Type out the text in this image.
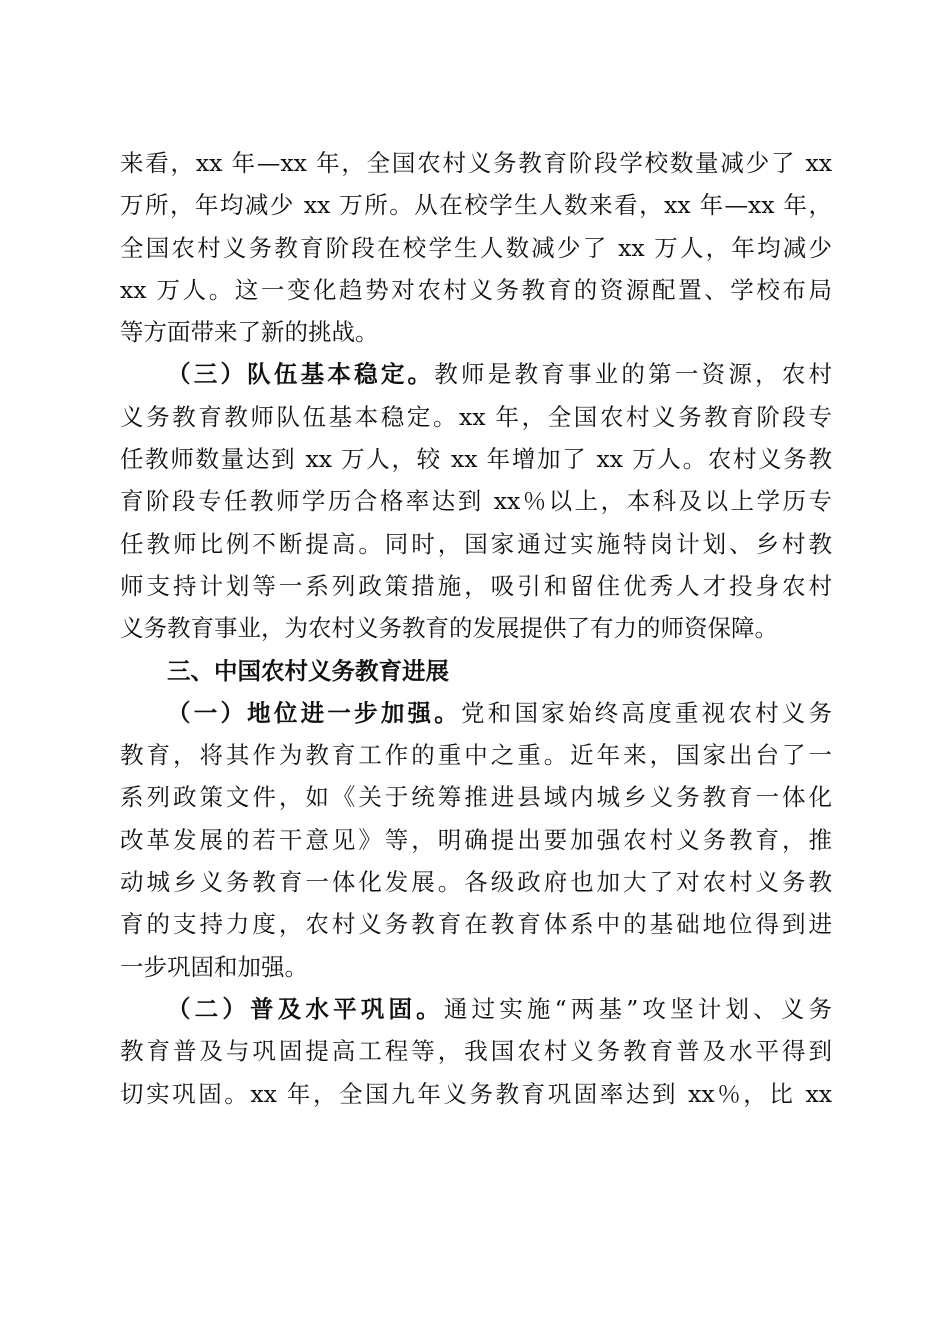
来看，xx 年—xx 年，全国农村义务教育阶段学校数量减少了 xx
万所，年均减少 xx 万所。从在校学生人数来看，xx 年—xx 年，
全国农村义务教育阶段在校学生人数减少了 xx 万人，年均减少
xx 万人。这一变化趋势对农村义务教育的资源配置、学校布局
等方面带来了新的挑战。
（三）队伍基本稳定。教师是教育事业的第一资源，农村
义务教育教师队伍基本稳定。xx 年，全国农村义务教育阶段专
任教师数量达到 xx 万人，较 xx 年增加了 xx 万人。农村义务教
育阶段专任教师学历合格率达到 xx％以上，本科及以上学历专
任教师比例不断提高。同时，国家通过实施特岗计划、乡村教
师支持计划等一系列政策措施，吸引和留住优秀人才投身农村
义务教育事业，为农村义务教育的发展提供了有力的师资保障。
三、中国农村义务教育进展
（一）地位进一步加强。党和国家始终高度重视农村义务
教育，将其作为教育工作的重中之重。近年来，国家出台了一
系列政策文件，如《关于统筹推进县域内城乡义务教育一体化
改革发展的若干意见》等，明确提出要加强农村义务教育，推
动城乡义务教育一体化发展。各级政府也加大了对农村义务教
育的支持力度，农村义务教育在教育体系中的基础地位得到进
一步巩固和加强。
（二）普及水平巩固。通过实施“两基”攻坚计划、义务
教育普及与巩固提高工程等，我国农村义务教育普及水平得到
切实巩固。xx 年，全国九年义务教育巩固率达到 xx％，比 xx
